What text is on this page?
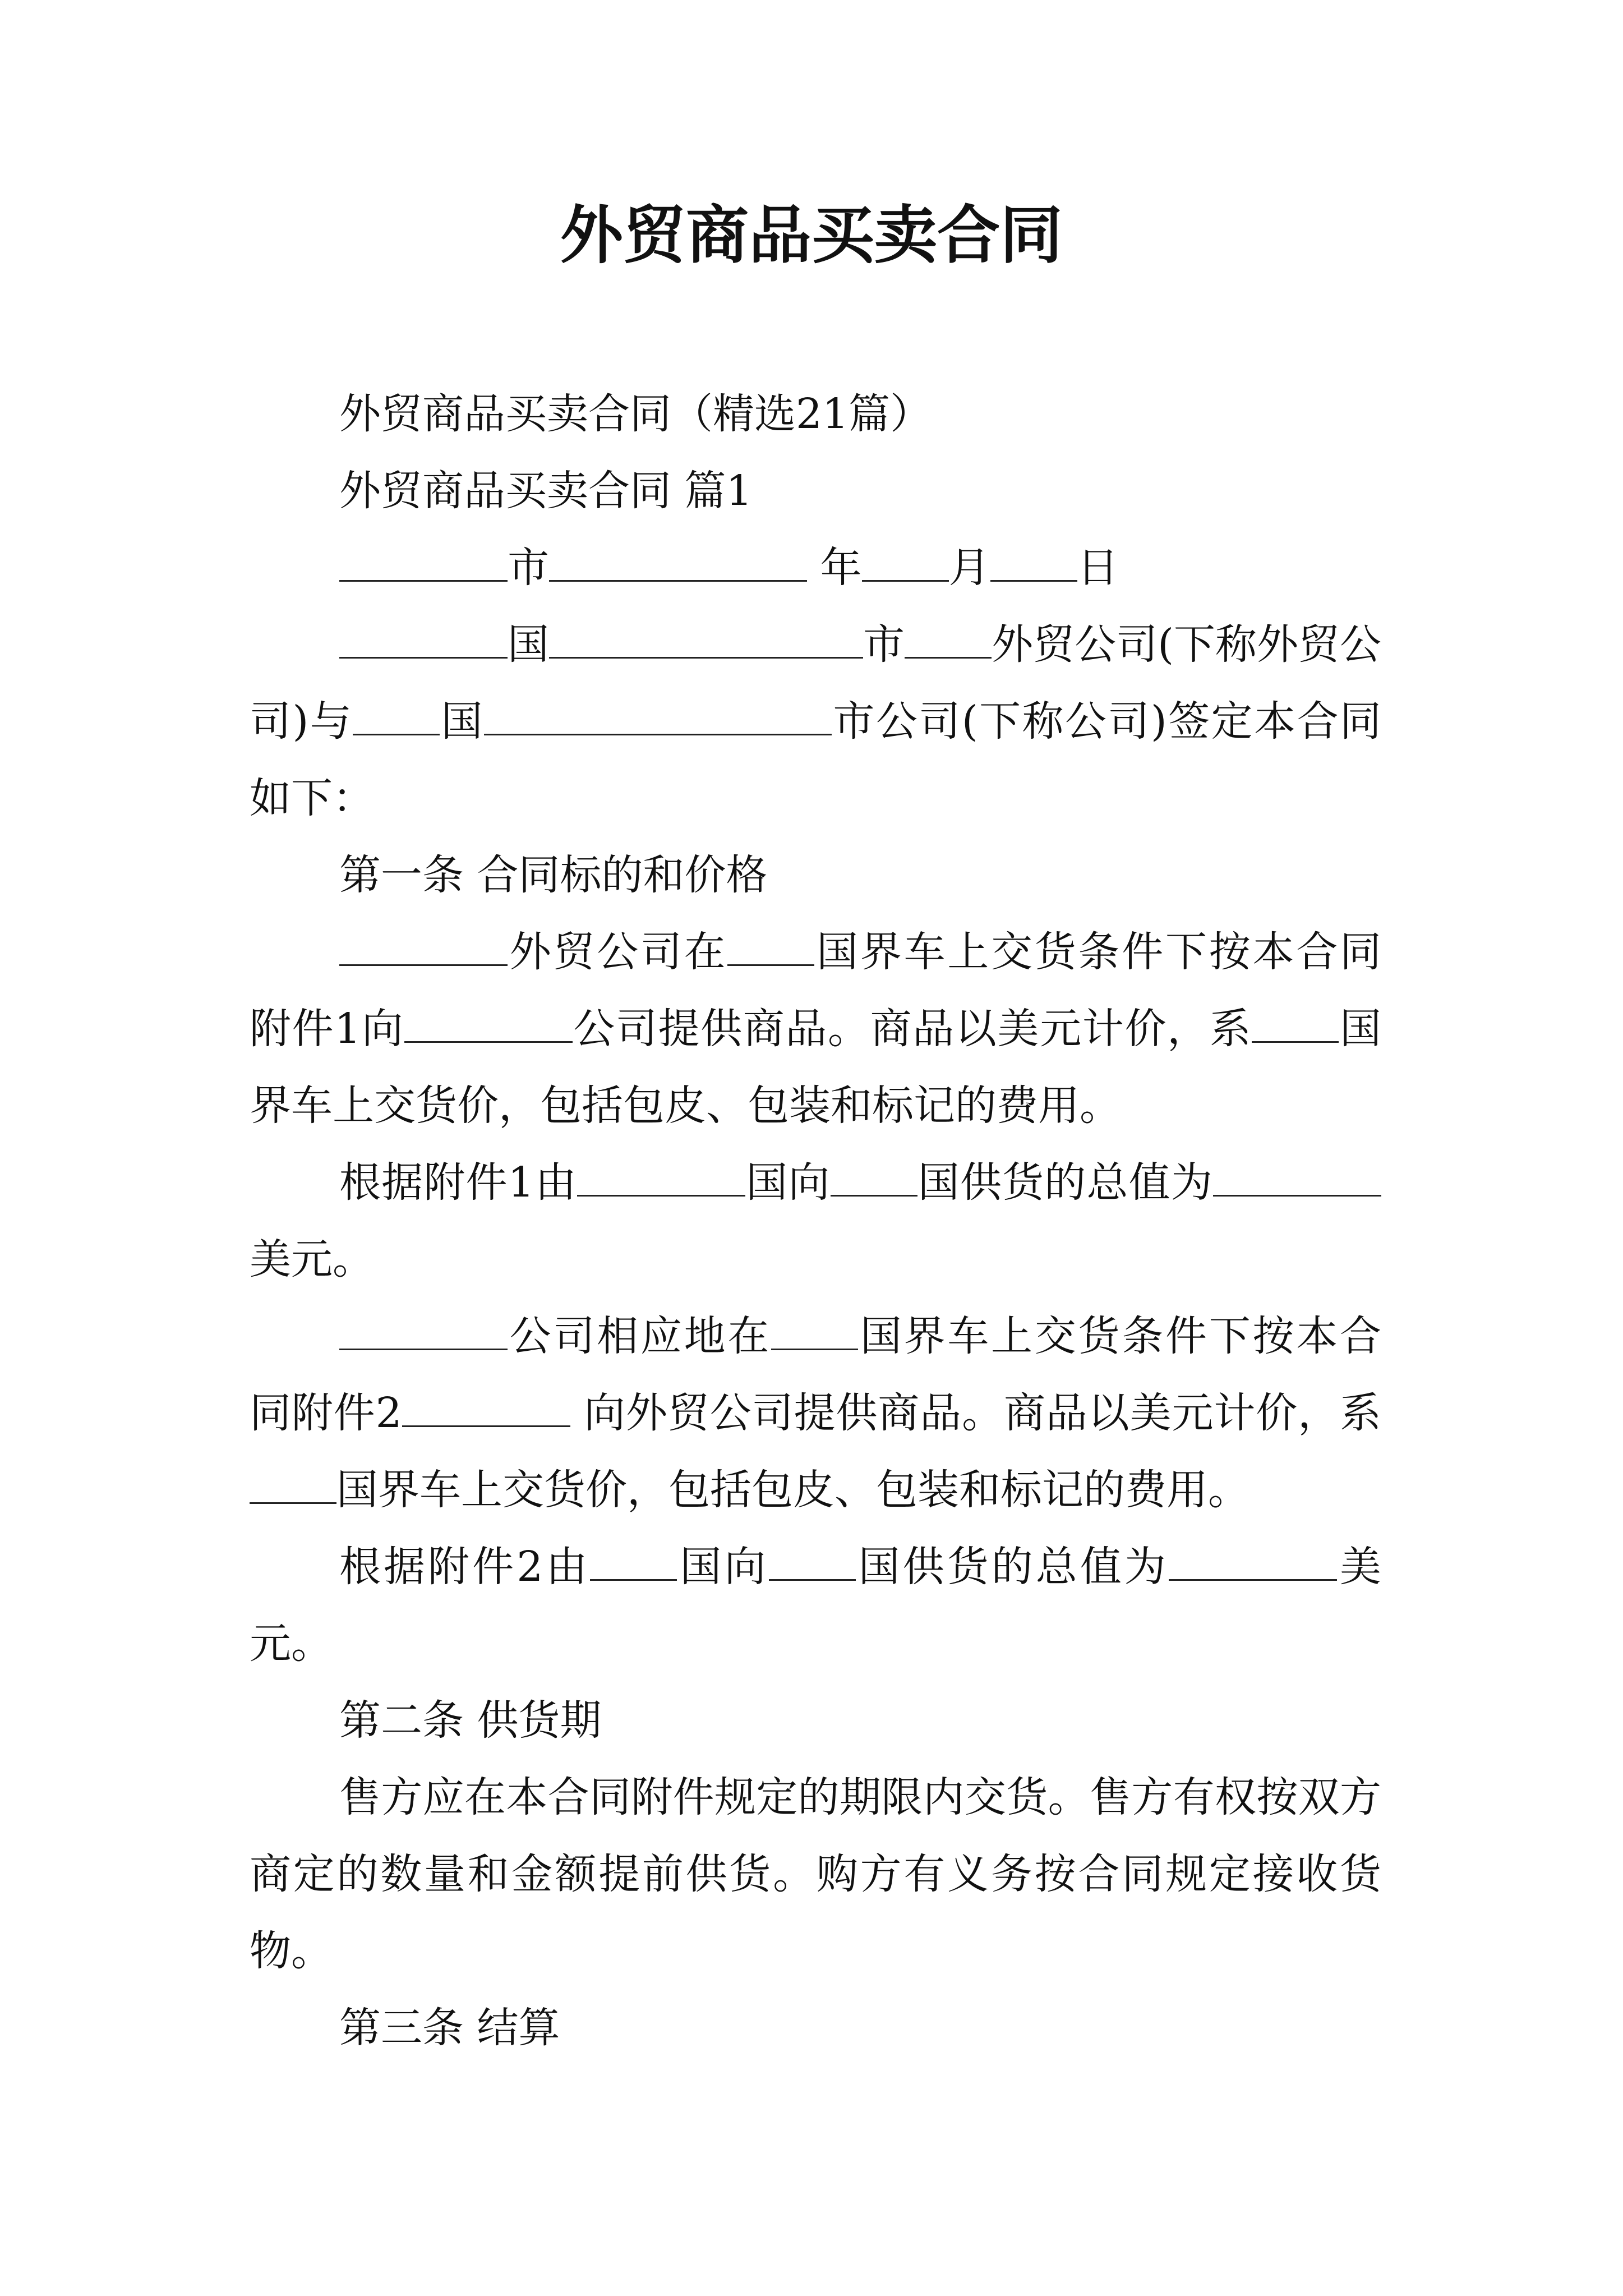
外贸商品买卖合同

外贸商品买卖合同（精选21篇）

外贸商品买卖合同 篇1

市	年 月 日

国	市 外贸公司(下称外贸公司)与 国	市公司(下称公司)签定本合同如下：

第一条 合同标的和价格

外贸公司在 国界车上交货条件下按本合同附件1向	公司提供商品。商品以美元计价，系 国界车上交货价，包括包皮、包装和标记的费用。

根据附件1由	国向 国供货的总值为 美元。

公司相应地在 国界车上交货条件下按本合同附件2	向外贸公司提供商品。商品以美元计价，系国界车上交货价，包括包皮、包装和标记的费用。

根据附件2由 国向 国供货的总值为	美元。

第二条 供货期

售方应在本合同附件规定的期限内交货。售方有权按双方商定的数量和金额提前供货。购方有义务按合同规定接收货物。

第三条 结算
